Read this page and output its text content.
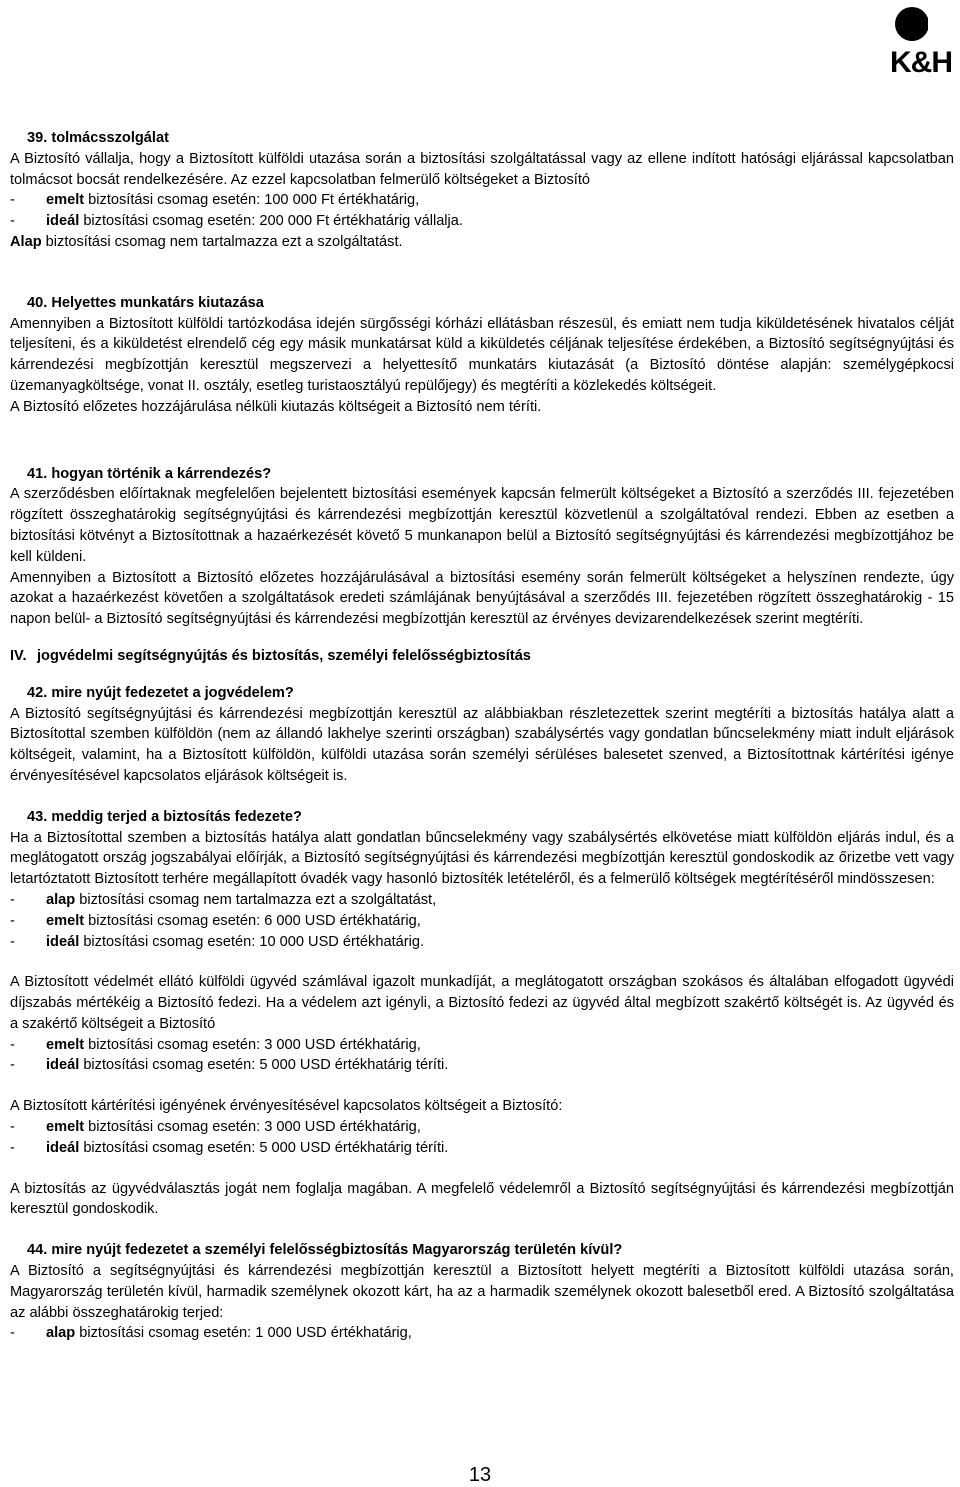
K&H
39. tolmácsszolgálat
A Biztosító vállalja, hogy a Biztosított külföldi utazása során a biztosítási szolgáltatással vagy az ellene indított hatósági eljárással kapcsolatban tolmácsot bocsát rendelkezésére. Az ezzel kapcsolatban felmerülő költségeket a Biztosító
- emelt biztosítási csomag esetén: 100 000 Ft értékhatárig,
- ideál biztosítási csomag esetén: 200 000 Ft értékhatárig vállalja.
Alap biztosítási csomag nem tartalmazza ezt a szolgáltatást.
40. Helyettes munkatárs kiutazása
Amennyiben a Biztosított külföldi tartózkodása idején sürgősségi kórházi ellátásban részesül, és emiatt nem tudja kiküldetésének hivatalos célját teljesíteni, és a kiküldetést elrendelő cég egy másik munkatársat küld a kiküldetés céljának teljesítése érdekében, a Biztosító segítségnyújtási és kárrendezési megbízottján keresztül megszervezi a helyettesítő munkatárs kiutazását (a Biztosító döntése alapján: személygépkocsi üzemanyagköltsége, vonat II. osztály, esetleg turistaosztályú repülőjegy) és megtéríti a közlekedés költségeit.
A Biztosító előzetes hozzájárulása nélküli kiutazás költségeit a Biztosító nem téríti.
41. hogyan történik a kárrendezés?
A szerződésben előírtaknak megfelelően bejelentett biztosítási események kapcsán felmerült költségeket a Biztosító a szerződés III. fejezetében rögzített összeghatárokig segítségnyújtási és kárrendezési megbízottján keresztül közvetlenül a szolgáltatóval rendezi. Ebben az esetben a biztosítási kötvényt a Biztosítottnak a hazaérkezését követő 5 munkanapon belül a Biztosító segítségnyújtási és kárrendezési megbízottjához be kell küldeni.
Amennyiben a Biztosított a Biztosító előzetes hozzájárulásával a biztosítási esemény során felmerült költségeket a helyszínen rendezte, úgy azokat a hazaérkezést követően a szolgáltatások eredeti számlájának benyújtásával a szerződés III. fejezetében rögzített összeghatárokig - 15 napon belül- a Biztosító segítségnyújtási és kárrendezési megbízottján keresztül az érvényes devizarendelkezések szerint megtéríti.
IV. jogvédelmi segítségnyújtás és biztosítás, személyi felelősségbiztosítás
42. mire nyújt fedezetet a jogvédelem?
A Biztosító segítségnyújtási és kárrendezési megbízottján keresztül az alábbiakban részletezettek szerint megtéríti a biztosítás hatálya alatt a Biztosítottal szemben külföldön (nem az állandó lakhelye szerinti országban) szabálysértés vagy gondatlan bűncselekmény miatt indult eljárások költségeit, valamint, ha a Biztosított külföldön, külföldi utazása során személyi sérüléses balesetet szenved, a Biztosítottnak kártérítési igénye érvényesítésével kapcsolatos eljárások költségeit is.
43. meddig terjed a biztosítás fedezete?
Ha a Biztosítottal szemben a biztosítás hatálya alatt gondatlan bűncselekmény vagy szabálysértés elkövetése miatt külföldön eljárás indul, és a meglátogatott ország jogszabályai előírják, a Biztosító segítségnyújtási és kárrendezési megbízottján keresztül gondoskodik az őrizetbe vett vagy letartóztatott Biztosított terhére megállapított óvadék vagy hasonló biztosíték letételéről, és a felmerülő költségek megtérítéséről mindösszesen:
- alap biztosítási csomag nem tartalmazza ezt a szolgáltatást,
- emelt biztosítási csomag esetén: 6 000 USD értékhatárig,
- ideál biztosítási csomag esetén: 10 000 USD értékhatárig.
A Biztosított védelmét ellátó külföldi ügyvéd számlával igazolt munkadíját, a meglátogatott országban szokásos és általában elfogadott ügyvédi díjszabás mértékéig a Biztosító fedezi. Ha a védelem azt igényli, a Biztosító fedezi az ügyvéd által megbízott szakértő költségét is. Az ügyvéd és a szakértő költségeit a Biztosító
- emelt biztosítási csomag esetén: 3 000 USD értékhatárig,
- ideál biztosítási csomag esetén: 5 000 USD értékhatárig téríti.
A Biztosított kártérítési igényének érvényesítésével kapcsolatos költségeit a Biztosító:
- emelt biztosítási csomag esetén: 3 000 USD értékhatárig,
- ideál biztosítási csomag esetén: 5 000 USD értékhatárig téríti.
A biztosítás az ügyvédválasztás jogát nem foglalja magában. A megfelelő védelemről a Biztosító segítségnyújtási és kárrendezési megbízottján keresztül gondoskodik.
44. mire nyújt fedezetet a személyi felelősségbiztosítás Magyarország területén kívül?
A Biztosító a segítségnyújtási és kárrendezési megbízottján keresztül a Biztosított helyett megtéríti a Biztosított külföldi utazása során, Magyarország területén kívül, harmadik személynek okozott kárt, ha az a harmadik személynek okozott balesetből ered. A Biztosító szolgáltatása az alábbi összeghatárokig terjed:
- alap biztosítási csomag esetén: 1 000 USD értékhatárig,
13
